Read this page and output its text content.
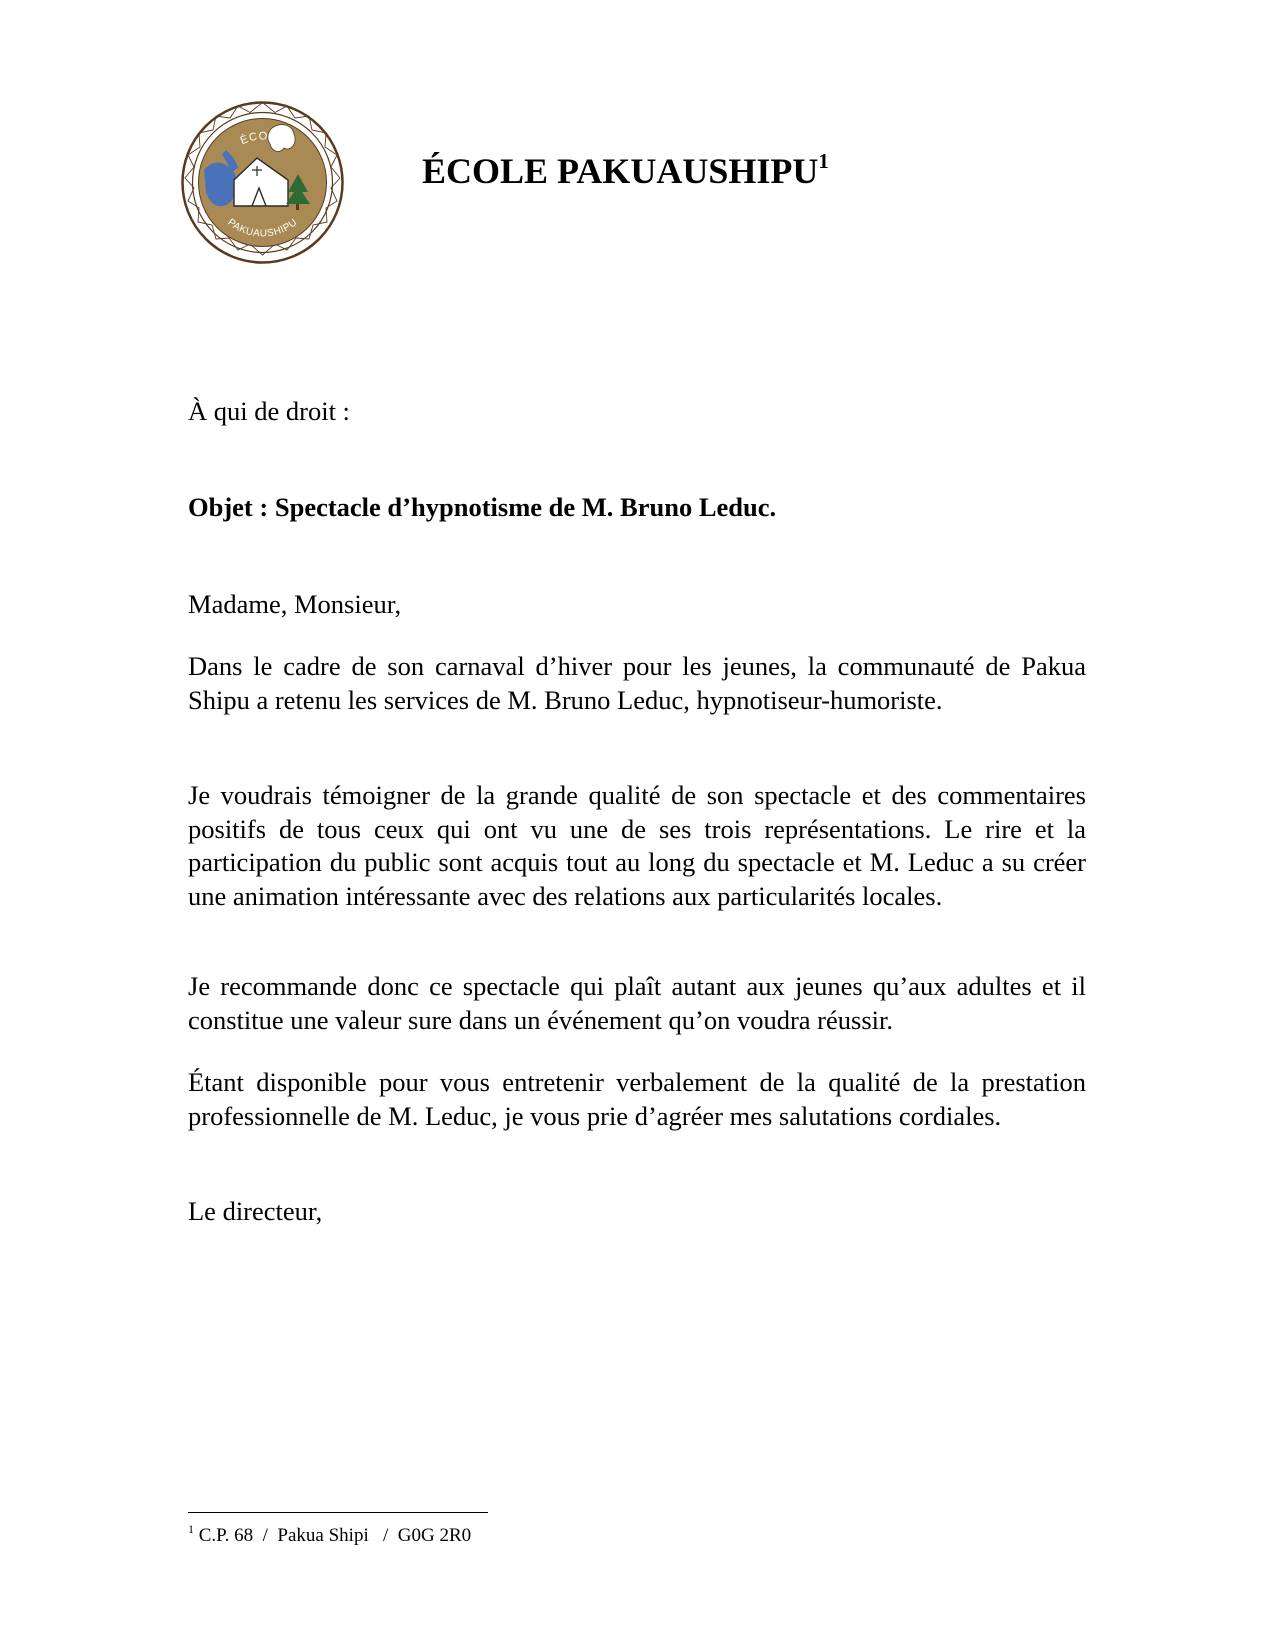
ÉCOLE
PAKUAUSHIPU
ÉCOLE PAKUAUSHIPU$^1$

À qui de droit :

Objet : Spectacle d’hypnotisme de M. Bruno Leduc.

Madame, Monsieur,

Dans le cadre de son carnaval d’hiver pour les jeunes, la communauté de Pakua Shipu a retenu les services de M. Bruno Leduc, hypnotiseur-humoriste.

Je voudrais témoigner de la grande qualité de son spectacle et des commentaires positifs de tous ceux qui ont vu une de ses trois représentations. Le rire et la participation du public sont acquis tout au long du spectacle et M. Leduc a su créer une animation intéressante avec des relations aux particularités locales.

Je recommande donc ce spectacle qui plaît autant aux jeunes qu’aux adultes et il constitue une valeur sure dans un événement qu’on voudra réussir.

Étant disponible pour vous entretenir verbalement de la qualité de la prestation professionnelle de M. Leduc, je vous prie d’agréer mes salutations cordiales.

Le directeur,

$^1$ C.P. 68  /  Pakua Shipi   /  G0G 2R0
